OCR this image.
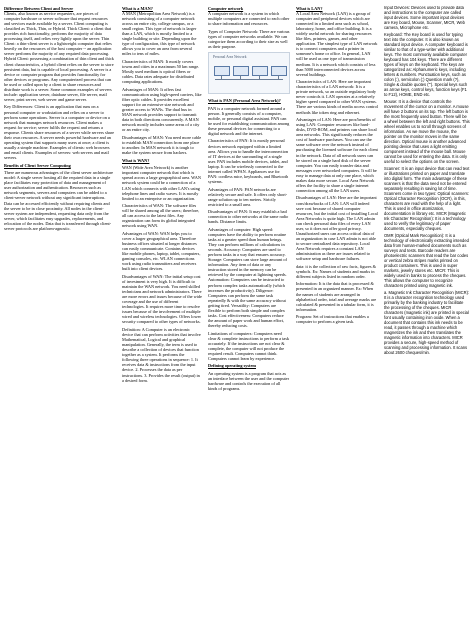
Difference Between Client and Server

Clients, also known as service requesters, are pieces of computer hardware or server software that request resources and services made available by a server. Client computing is classified as Thick, Thin, or Hybrid. Thick Client: a client that provides rich functionality, performs the majority of data processing itself, and relies very lightly upon the server. Thin Client: a thin-client server is a lightweight computer that relies heavily on the resources of the host computer -- an application server performs the majority of any required data processing. Hybrid Client: possessing a combination of thin client and thick client characteristics, a hybrid client relies on the server to store persistent data, but is capable of local processing. A server is a device or computer program that provides functionality for other devices or programs. Any computerized process that can be used or called upon by a client to share resources and distribute work is a server. Some common examples of servers include: application server, database server, file server, mail server, print server, web server and game server.

Key Differences: Client is an application that runs on a personal computer or workstation and relies on a server to perform some operations. Server is a computer or device on a network that manages network resources. Client makes a request for service; server fulfils the request and returns a response. Clients share resources of a server while servers share their own resources. A server needs powerful hardware and an operating system that supports many users at once; a client is usually a simple machine. Examples of clients: web browsers and email clients. Examples of servers: web servers and mail servers.

Benefits of Client Server Computing

There are numerous advantages of the client server architecture model: A single server hosting all the required data in a single place facilitates easy protection of data and management of user authorization and authentication. Resources such as network segments, servers and computers can be added to a client-server network without any significant interruptions. Data can be accessed efficiently without requiring clients and the server to be in close proximity. All nodes in the client-server system are independent, requesting data only from the server, which facilitates easy upgrades, replacements, and relocation of the nodes. Data that is transferred through client-server protocols are platform-agnostic.

What is a MAN?

A MAN (Metropolitan Area Network) is a network consisting of a computer network across an entire city, college campus, or a small region. This type of network is larger than a LAN, which is mostly limited to a single building or site. Depending upon the type of configuration, this type of network allows you to cover an area from several miles to tens of miles.

Characteristics of MAN: It mostly covers towns and cities in a maximum 50 km range. Mostly used medium is optical fibers or cables. Data rates adequate for distributed computing applications.

Advantages of MAN: It offers fast communication using high-speed carriers, like fiber optic cables. It provides excellent support for an extensive size network and greater access to WANs. The dual bus in MAN network provides support to transmit data in both directions concurrently. A MAN network mostly includes some areas of a city or an entire city.

Disadvantages of MAN: You need more cable to establish MAN connection from one place to another. In MAN network it is tough to make the system secure from hackers.

What is WAN?

WAN (Wide Area Network) is another important computer network that which is spread across a large geographical area. WAN network system could be a connection of a LAN which connects with other LAN's using telephone lines and radio waves. It is mostly limited to an enterprise or an organization.

Characteristics of WAN: The software files will be shared among all the users; therefore, all can access to the latest files. Any organization can form its global integrated network using WAN.

Advantages of WAN: WAN helps you to cover a larger geographical area. Therefore business offices situated at longer distances can easily communicate. Contains devices like mobile phones, laptop, tablet, computers, gaming consoles, etc. WLAN connections work using radio transmitters and receivers built into client devices.

Disadvantages of WAN: The initial setup cost of investment is very high. It is difficult to maintain the WAN network. You need skilled technicians and network administrators. There are more errors and issues because of the wide coverage and the use of different technologies. It requires more time to resolve issues because of the involvement of multiple wired and wireless technologies. Offers lower security compared to other types of networks.

Definition: A Computer is an electronic device that can perform activities that involve Mathematical, Logical and graphical manipulation. Generally, the term is used to describe a collection of devices that function together as a system. It performs the following three operations in sequence: 1. It receives data & instructions from the input device. 2. Processes the data as per instructions. 3. Provides the result (output) in a desired form.

Computer network

A computer network is a system in which multiple computers are connected to each other to share information and resources.

Types of Computer Network: There are various types of computer networks available. We can categorize them according to their size as well as their purpose.

Personal Area Network

What is PAN (Personal Area Network)?

PAN is a computer network formed around a person. It generally consists of a computer, mobile, or personal digital assistant. PAN can be used for establishing communication among these personal devices for connecting to a digital network and the internet.

Characteristics of PAN: It is mostly personal devices network equipped within a limited area. Allows you to handle the interconnection of IT devices at the surrounding of a single user. PAN includes mobile devices, tablet, and laptop. It can be wirelessly connected to the internet called WPAN. Appliances use for PAN: cordless mice, keyboards, and Bluetooth systems.

Advantages of PAN: PAN networks are relatively secure and safe. It offers only short-range solution up to ten meters. Strictly restricted to a small area.

Disadvantages of PAN: It may establish a bad connection to other networks at the same radio bands. Distance limits.

Advantages of computer: High speed: computers have the ability to perform routine tasks at a greater speed than human beings. They can perform millions of calculations in seconds. Accuracy: Computers are used to perform tasks in a way that ensures accuracy. Storage: Computers can store large amount of information. Any item of data or any instruction stored in the memory can be retrieved by the computer at lightning speeds. Automation: Computers can be instructed to perform complex tasks automatically (which increases the productivity). Diligence: Computers can perform the same task repeatedly & with the same accuracy without getting tired. Versatility: Computers are flexible to perform both simple and complex tasks. Cost effectiveness: Computers reduce the amount of paper work and human effort, thereby reducing costs.

Limitations of computers: Computers need clear & complete instructions to perform a task accurately. If the instructions are not clear & complete, the computer will not produce the required result. Computers cannot think. Computers cannot learn by experience.

Defining operating system

An operating system is a program that acts as an interface between the user and the computer hardware and controls the execution of all kinds of programs.

What is LAN?

A Local Area Network (LAN) is a group of computer and peripheral devices which are connected in a limited area such as school, laboratory, home, and office building. It is a widely useful network for sharing resources like files, printers, games, and other application. The simplest type of LAN network is to connect computers and a printer in someone's home or office. In general, LAN will be used as one type of transmission medium. It is a network which consists of less than 5000 interconnected devices across several buildings.

Characteristics of LAN: Here are important characteristics of a LAN network: It is a private network, so an outside regulatory body never controls it. LAN operates at a relatively higher speed compared to other WAN systems. There are various kinds of media access control methods like token ring and ethernet.

Advantages of LAN: Here are pros/benefits of using LAN: Computer resources like hard-disks, DVD-ROM, and printers can share local area networks. This significantly reduces the cost of hardware purchases. You can use the same software over the network instead of purchasing the licensed software for each client in the network. Data of all network users can be stored on a single hard disk of the server computer. You can easily transfer data and messages over networked computers. It will be easy to manage data at only one place, which makes data more secure. Local Area Network offers the facility to share a single internet connection among all the LAN users.

Disadvantages of LAN: Here are the important cons/drawbacks of LAN: LAN will indeed save cost because of shared computer resources, but the initial cost of installing Local Area Networks is quite high. The LAN admin can check personal data files of every LAN user, so it does not offer good privacy. Unauthorized users can access critical data of an organization in case LAN admin is not able to secure centralized data repository. Local Area Network requires a constant LAN administration as there are issues related to software setup and hardware failures.

data: it is the collection of raw facts, figures & symbols. Ex: Names of students and marks in different subjects listed in random order.

Information: It is the data that is processed & presented in an organized manner. Ex: When the names of students are arranged in alphabetical order, total and average marks are calculated & presented in a tabular form, it is information.

Program: Set of instructions that enables a computer to perform a given task.

Input Devices: Devices used to provide data and instructions to the computer are called input devices. Some important input devices are Key board, Mouse, Scanner, MICR, Web camera, Microphone etc.

Keyboard: The Key board is used for typing text into the computer. It is also known as standard input device. A computer keyboard is similar to that of a type-writer with additional keys. The most commonly available computer keyboard has 104 keys. There are different types of keys on the keyboard. The keys are categorized as: Alphanumeric keys, including letters & numbers. Punctuation keys, such as colon (:), semicolon (;) Question mark (?), Single & double quotes ('"). Special keys such as arrow keys, control keys, function keys (F1 to F12), HOME, END etc.

Mouse: It is a device that controls the movement of the cursor on a monitor. A mouse will have 2 buttons on its top. The left button is the most frequently used button. There will be a wheel between the left and right buttons. This wheel enables us to scroll through screens of information. As we move the mouse, the pointer on the monitor moves in the same direction. Optical mouse is another advanced pointing device that uses a light emitting component instead of the mouse ball. Mouse cannot be used for entering the data. It is only useful to select the options on the screen.

Scanner: It is an input device that can read text or illustrations printed on paper and translate into digital form. The main advantage of these scanners is that the data need not be entered separately resulting in saving lot of time. Scanners come in two types: Optical scanners: Optical Character Recognition (OCR), in this, characters are read with the help of a light. This is used in office atomization, documentation in library etc. MICR (Magnetic Ink Character Recognition): It is a technology used to verify the legitimacy of paper documents, especially cheques.

OMR (Optical Mark Recognition): It is a technology of electronically extracting intended data from human-marked documents such as surveys and tests. Barcode readers are photoelectric scanners that read the bar codes or vertical zebra stripes marks printed on product containers. This is used in super markets, jewelry stores etc. MICR: This is widely used in banks to process the cheques. This allows the computer to recognize characters printed using magnetic ink.

a. Magnetic Ink Character Recognition (MICR): It is a character recognition technology used primarily by the banking industry to facilitate the processing of the cheques. MICR characters (magnetic ink) are printed in special font usually containing iron oxide. When a document that contains this ink needs to be read, it passes through a machine which magnetizes the ink and then translates the magnetic information into characters. MICR provides a secure, high-speed method of scanning and processing information. It scans about 2600 cheques/min.
